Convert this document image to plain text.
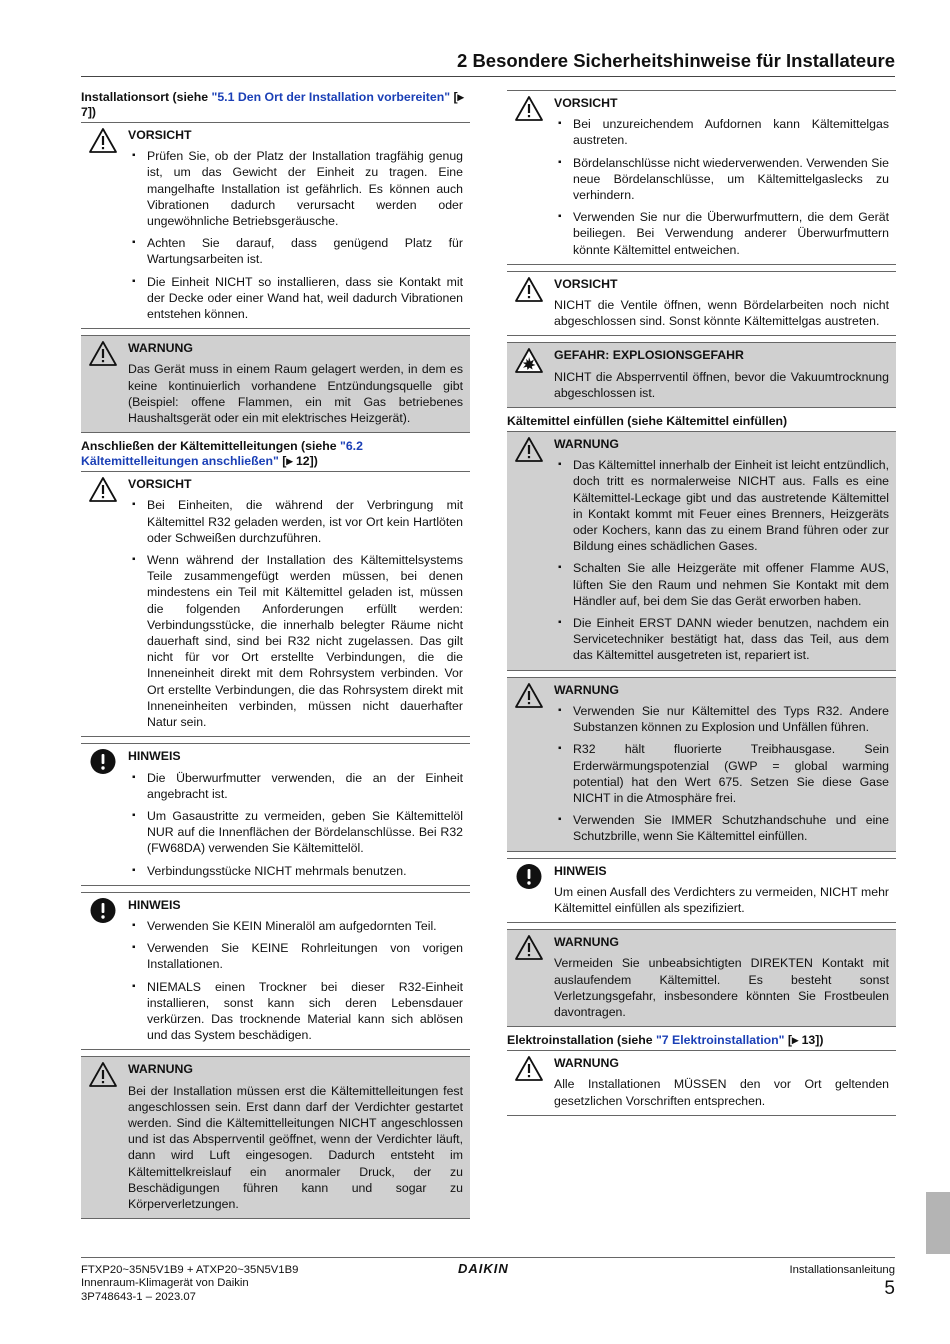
2 Besondere Sicherheitshinweise für Installateure

Installationsort (siehe "5.1 Den Ort der Installation vorbereiten" [▸ 7])

VORSICHT
▪ Prüfen Sie, ob der Platz der Installation tragfähig genug ist, um das Gewicht der Einheit zu tragen. Eine mangelhafte Installation ist gefährlich. Es können auch Vibrationen dadurch verursacht werden oder ungewöhnliche Betriebsgeräusche.
▪ Achten Sie darauf, dass genügend Platz für Wartungsarbeiten ist.
▪ Die Einheit NICHT so installieren, dass sie Kontakt mit der Decke oder einer Wand hat, weil dadurch Vibrationen entstehen können.
WARNUNG
Das Gerät muss in einem Raum gelagert werden, in dem es keine kontinuierlich vorhandene Entzündungsquelle gibt (Beispiel: offene Flammen, ein mit Gas betriebenes Haushaltsgerät oder ein mit elektrisches Heizgerät).

Anschließen der Kältemittelleitungen (siehe "6.2 Kältemittelleitungen anschließen" [▸ 12])

VORSICHT
▪ Bei Einheiten, die während der Verbringung mit Kältemittel R32 geladen werden, ist vor Ort kein Hartlöten oder Schweißen durchzuführen.
▪ Wenn während der Installation des Kältemittelsystems Teile zusammengefügt werden müssen, bei denen mindestens ein Teil mit Kältemittel geladen ist, müssen die folgenden Anforderungen erfüllt werden: Verbindungsstücke, die innerhalb belegter Räume nicht dauerhaft sind, sind bei R32 nicht zugelassen. Das gilt nicht für vor Ort erstellte Verbindungen, die die Inneneinheit direkt mit dem Rohrsystem verbinden. Vor Ort erstellte Verbindungen, die das Rohrsystem direkt mit Inneneinheiten verbinden, müssen nicht dauerhafter Natur sein.
HINWEIS
▪ Die Überwurfmutter verwenden, die an der Einheit angebracht ist.
▪ Um Gasaustritte zu vermeiden, geben Sie Kältemittelöl NUR auf die Innenflächen der Bördelanschlüsse. Bei R32 (FW68DA) verwenden Sie Kältemittelöl.
▪ Verbindungsstücke NICHT mehrmals benutzen.
HINWEIS
▪ Verwenden Sie KEIN Mineralöl am aufgedornten Teil.
▪ Verwenden Sie KEINE Rohrleitungen von vorigen Installationen.
▪ NIEMALS einen Trockner bei dieser R32-Einheit installieren, sonst kann sich deren Lebensdauer verkürzen. Das trocknende Material kann sich ablösen und das System beschädigen.
WARNUNG
Bei der Installation müssen erst die Kältemittelleitungen fest angeschlossen sein. Erst dann darf der Verdichter gestartet werden. Sind die Kältemittelleitungen NICHT angeschlossen und ist das Absperrventil geöffnet, wenn der Verdichter läuft, dann wird Luft eingesogen. Dadurch entsteht im Kältemittelkreislauf ein anormaler Druck, der zu Beschädigungen führen kann und sogar zu Körperverletzungen.
VORSICHT
▪ Bei unzureichendem Aufdornen kann Kältemittelgas austreten.
▪ Bördelanschlüsse nicht wiederverwenden. Verwenden Sie neue Bördelanschlüsse, um Kältemittelgaslecks zu verhindern.
▪ Verwenden Sie nur die Überwurfmuttern, die dem Gerät beiliegen. Bei Verwendung anderer Überwurfmuttern könnte Kältemittel entweichen.
VORSICHT
NICHT die Ventile öffnen, wenn Bördelarbeiten noch nicht abgeschlossen sind. Sonst könnte Kältemittelgas austreten.
GEFAHR: EXPLOSIONSGEFAHR
NICHT die Absperrventil öffnen, bevor die Vakuumtrocknung abgeschlossen ist.

Kältemittel einfüllen (siehe Kältemittel einfüllen)

WARNUNG
▪ Das Kältemittel innerhalb der Einheit ist leicht entzündlich, doch tritt es normalerweise NICHT aus. Falls es eine Kältemittel-Leckage gibt und das austretende Kältemittel in Kontakt kommt mit Feuer eines Brenners, Heizgeräts oder Kochers, kann das zu einem Brand führen oder zur Bildung eines schädlichen Gases.
▪ Schalten Sie alle Heizgeräte mit offener Flamme AUS, lüften Sie den Raum und nehmen Sie Kontakt mit dem Händler auf, bei dem Sie das Gerät erworben haben.
▪ Die Einheit ERST DANN wieder benutzen, nachdem ein Servicetechniker bestätigt hat, dass das Teil, aus dem das Kältemittel ausgetreten ist, repariert ist.
WARNUNG
▪ Verwenden Sie nur Kältemittel des Typs R32. Andere Substanzen können zu Explosion und Unfällen führen.
▪ R32 hält fluorierte Treibhausgase. Sein Erderwärmungspotenzial (GWP = global warming potential) hat den Wert 675. Setzen Sie diese Gase NICHT in die Atmosphäre frei.
▪ Verwenden Sie IMMER Schutzhandschuhe und eine Schutzbrille, wenn Sie Kältemittel einfüllen.
HINWEIS
Um einen Ausfall des Verdichters zu vermeiden, NICHT mehr Kältemittel einfüllen als spezifiziert.
WARNUNG
Vermeiden Sie unbeabsichtigten DIREKTEN Kontakt mit auslaufendem Kältemittel. Es besteht sonst Verletzungsgefahr, insbesondere könnten Sie Frostbeulen davontragen.

Elektroinstallation (siehe "7 Elektroinstallation" [▸ 13])

WARNUNG
Alle Installationen MÜSSEN den vor Ort geltenden gesetzlichen Vorschriften entsprechen.
FTXP20~35N5V1B9 + ATXP20~35N5V1B9
Innenraum-Klimagerät von Daikin
3P748643-1 – 2023.07
DAIKIN	Installationsanleitung
5
